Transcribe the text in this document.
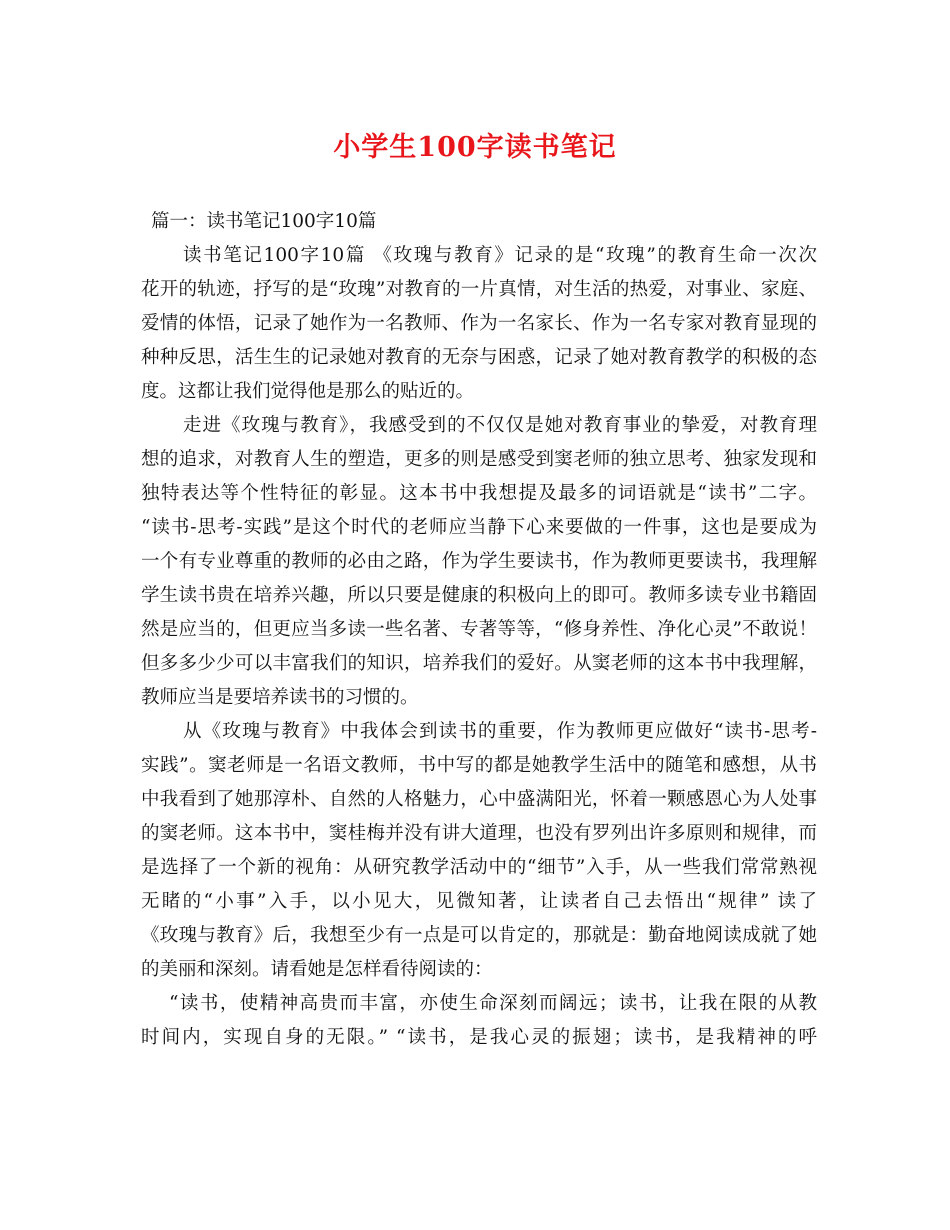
小学生100字读书笔记
篇一：读书笔记100字10篇
读书笔记100字10篇 《玫瑰与教育》记录的是“玫瑰”的教育生命一次次
花开的轨迹，抒写的是“玫瑰”对教育的一片真情，对生活的热爱，对事业、家庭、
爱情的体悟，记录了她作为一名教师、作为一名家长、作为一名专家对教育显现的
种种反思，活生生的记录她对教育的无奈与困惑，记录了她对教育教学的积极的态
度。这都让我们觉得他是那么的贴近的。
走进《玫瑰与教育》，我感受到的不仅仅是她对教育事业的挚爱，对教育理
想的追求，对教育人生的塑造，更多的则是感受到窦老师的独立思考、独家发现和
独特表达等个性特征的彰显。这本书中我想提及最多的词语就是“读书”二字。
“读书-思考-实践”是这个时代的老师应当静下心来要做的一件事，这也是要成为
一个有专业尊重的教师的必由之路，作为学生要读书，作为教师更要读书，我理解
学生读书贵在培养兴趣，所以只要是健康的积极向上的即可。教师多读专业书籍固
然是应当的，但更应当多读一些名著、专著等等，“修身养性、净化心灵”不敢说！
但多多少少可以丰富我们的知识，培养我们的爱好。从窦老师的这本书中我理解，
教师应当是要培养读书的习惯的。
从《玫瑰与教育》中我体会到读书的重要，作为教师更应做好“读书-思考-
实践”。窦老师是一名语文教师，书中写的都是她教学生活中的随笔和感想，从书
中我看到了她那淳朴、自然的人格魅力，心中盛满阳光，怀着一颗感恩心为人处事
的窦老师。这本书中，窦桂梅并没有讲大道理，也没有罗列出许多原则和规律，而
是选择了一个新的视角：从研究教学活动中的“细节”入手，从一些我们常常熟视
无睹的“小事”入手，以小见大，见微知著，让读者自己去悟出“规律” 读了
《玫瑰与教育》后，我想至少有一点是可以肯定的，那就是：勤奋地阅读成就了她
的美丽和深刻。请看她是怎样看待阅读的：
“读书，使精神高贵而丰富，亦使生命深刻而阔远；读书，让我在限的从教
时间内，实现自身的无限。” “读书，是我心灵的振翅；读书，是我精神的呼
